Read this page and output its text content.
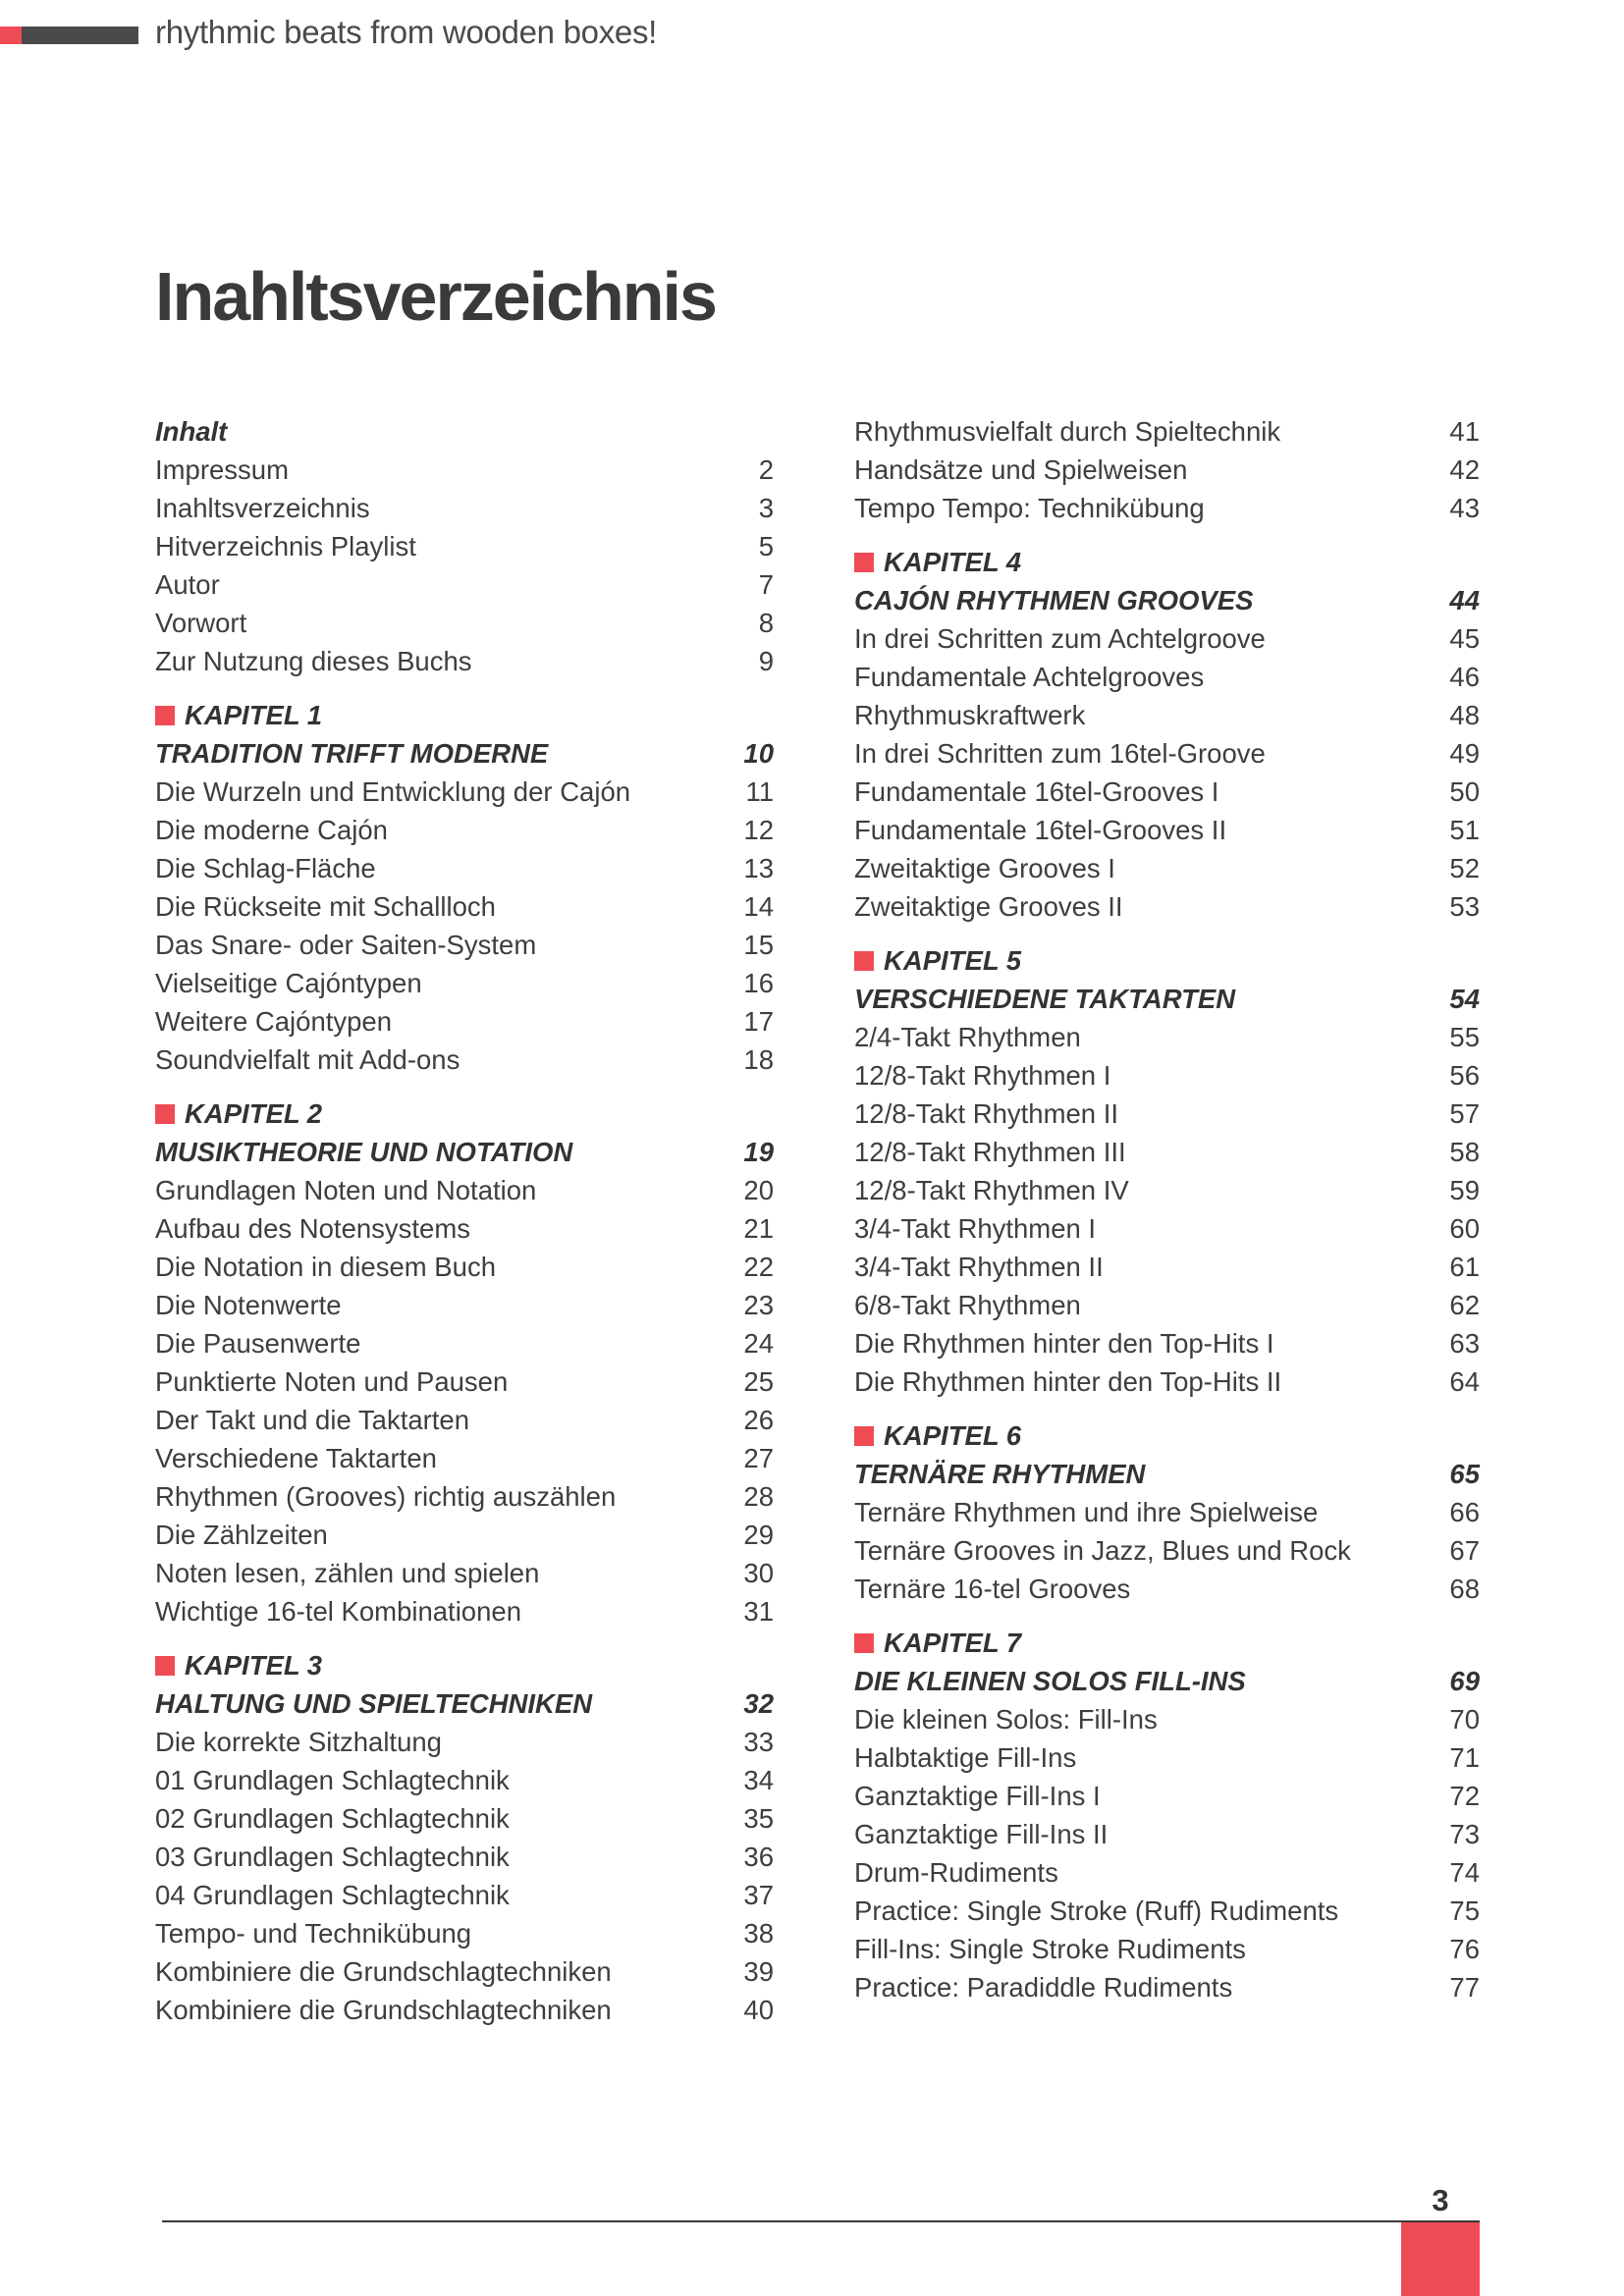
rhythmic beats from wooden boxes!
Inahltsverzeichnis
Inhalt
Impressum	2
Inahltsverzeichnis	3
Hitverzeichnis Playlist	5
Autor	7
Vorwort	8
Zur Nutzung dieses Buchs	9
KAPITEL 1
TRADITION TRIFFT MODERNE	10
Die Wurzeln und Entwicklung der Cajón	11
Die moderne Cajón	12
Die Schlag-Fläche	13
Die Rückseite mit Schallloch	14
Das Snare- oder Saiten-System	15
Vielseitige Cajóntypen	16
Weitere Cajóntypen	17
Soundvielfalt mit Add-ons	18
KAPITEL 2
MUSIKTHEORIE UND NOTATION	19
Grundlagen Noten und Notation	20
Aufbau des Notensystems	21
Die Notation in diesem Buch	22
Die Notenwerte	23
Die Pausenwerte	24
Punktierte Noten und Pausen	25
Der Takt und die Taktarten	26
Verschiedene Taktarten	27
Rhythmen (Grooves) richtig auszählen	28
Die Zählzeiten	29
Noten lesen, zählen und spielen	30
Wichtige 16-tel Kombinationen	31
KAPITEL 3
HALTUNG UND SPIELTECHNIKEN	32
Die korrekte Sitzhaltung	33
01 Grundlagen Schlagtechnik	34
02 Grundlagen Schlagtechnik	35
03 Grundlagen Schlagtechnik	36
04 Grundlagen Schlagtechnik	37
Tempo- und Technikübung	38
Kombiniere die Grundschlagtechniken	39
Kombiniere die Grundschlagtechniken	40
Rhythmusvielfalt durch Spieltechnik	41
Handsätze und Spielweisen	42
Tempo Tempo: Technikübung	43
KAPITEL 4
CAJÓN RHYTHMEN GROOVES	44
In drei Schritten zum Achtelgroove	45
Fundamentale Achtelgrooves	46
Rhythmuskraftwerk	48
In drei Schritten zum 16tel-Groove	49
Fundamentale 16tel-Grooves I	50
Fundamentale 16tel-Grooves II	51
Zweitaktige Grooves I	52
Zweitaktige Grooves II	53
KAPITEL 5
VERSCHIEDENE TAKTARTEN	54
2/4-Takt Rhythmen	55
12/8-Takt Rhythmen I	56
12/8-Takt Rhythmen II	57
12/8-Takt Rhythmen III	58
12/8-Takt Rhythmen IV	59
3/4-Takt Rhythmen I	60
3/4-Takt Rhythmen II	61
6/8-Takt Rhythmen	62
Die Rhythmen hinter den Top-Hits I	63
Die Rhythmen hinter den Top-Hits II	64
KAPITEL 6
TERNÄRE RHYTHMEN	65
Ternäre Rhythmen und ihre Spielweise	66
Ternäre Grooves in Jazz, Blues und Rock	67
Ternäre 16-tel Grooves	68
KAPITEL 7
DIE KLEINEN SOLOS FILL-INS	69
Die kleinen Solos: Fill-Ins	70
Halbtaktige Fill-Ins	71
Ganztaktige Fill-Ins I	72
Ganztaktige Fill-Ins II	73
Drum-Rudiments	74
Practice: Single Stroke (Ruff) Rudiments	75
Fill-Ins: Single Stroke Rudiments	76
Practice: Paradiddle Rudiments	77
3
